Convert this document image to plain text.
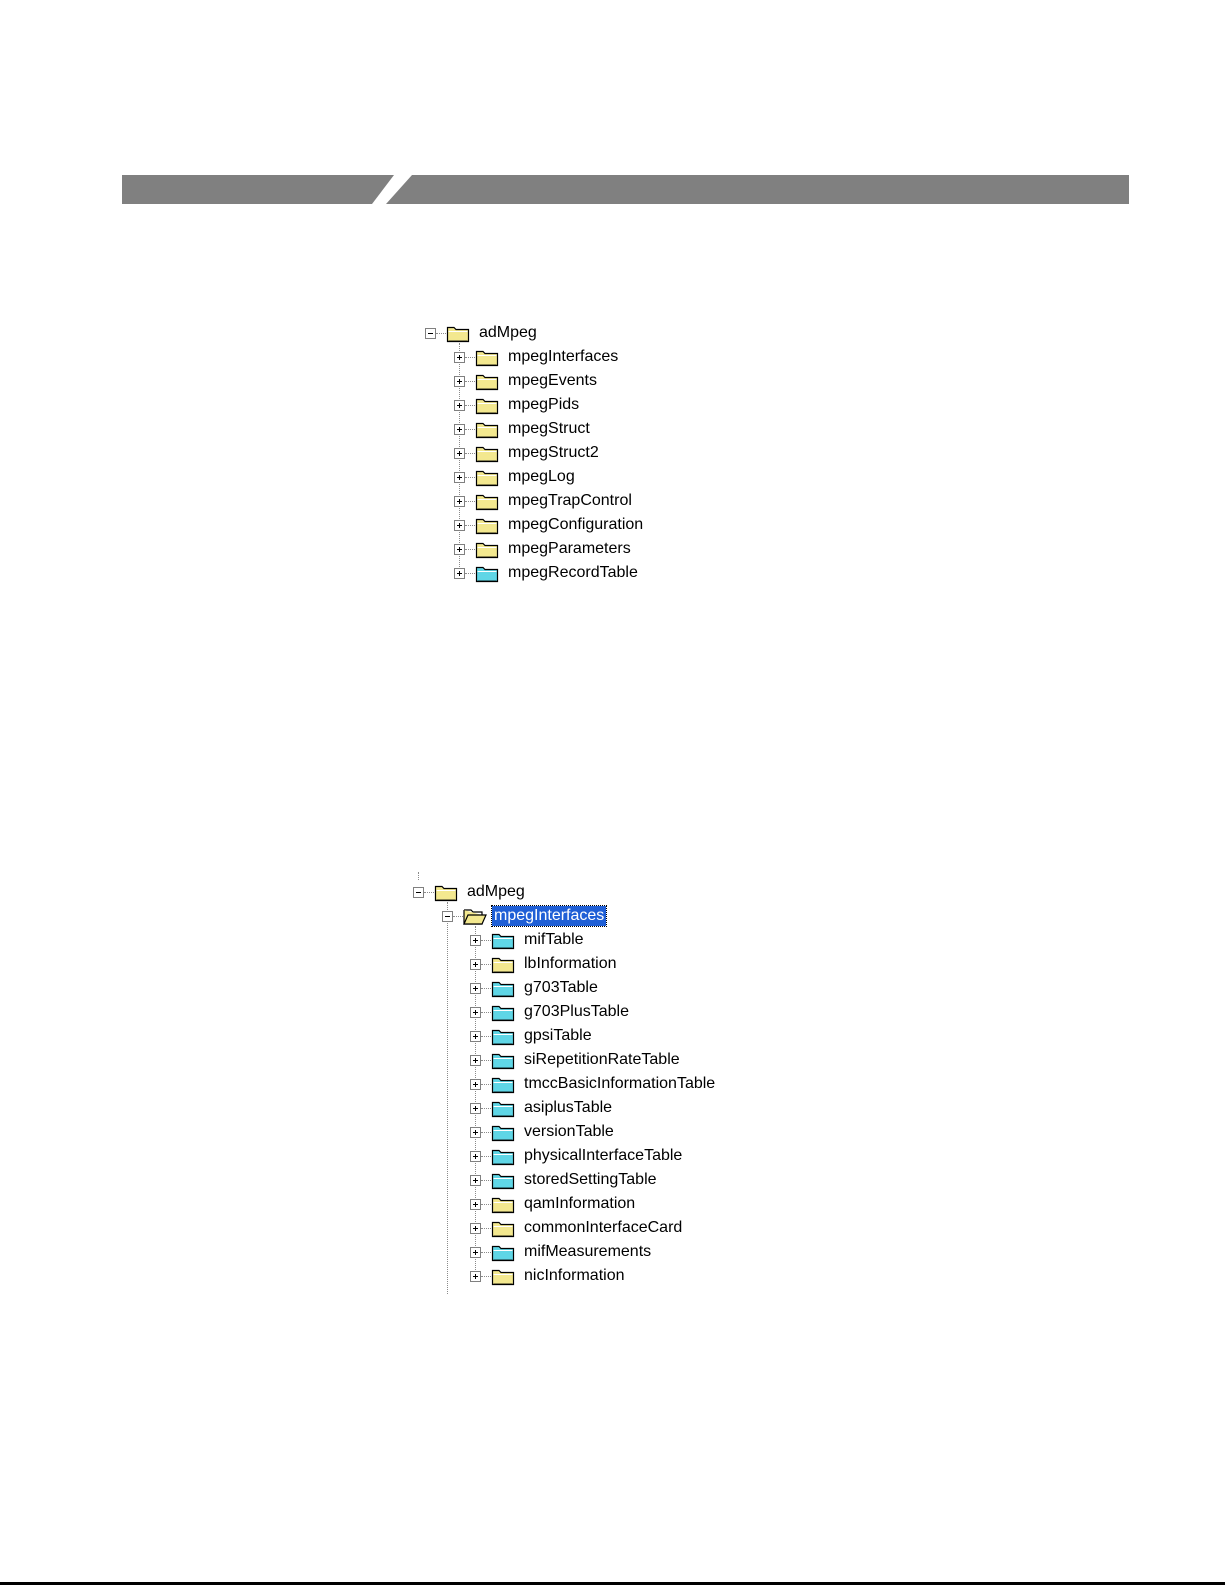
adMpeg
mpegInterfaces
mpegEvents
mpegPids
mpegStruct
mpegStruct2
mpegLog
mpegTrapControl
mpegConfiguration
mpegParameters
mpegRecordTable
adMpeg
mpegInterfaces
mifTable
lbInformation
g703Table
g703PlusTable
gpsiTable
siRepetitionRateTable
tmccBasicInformationTable
asiplusTable
versionTable
physicalInterfaceTable
storedSettingTable
qamInformation
commonInterfaceCard
mifMeasurements
nicInformation
